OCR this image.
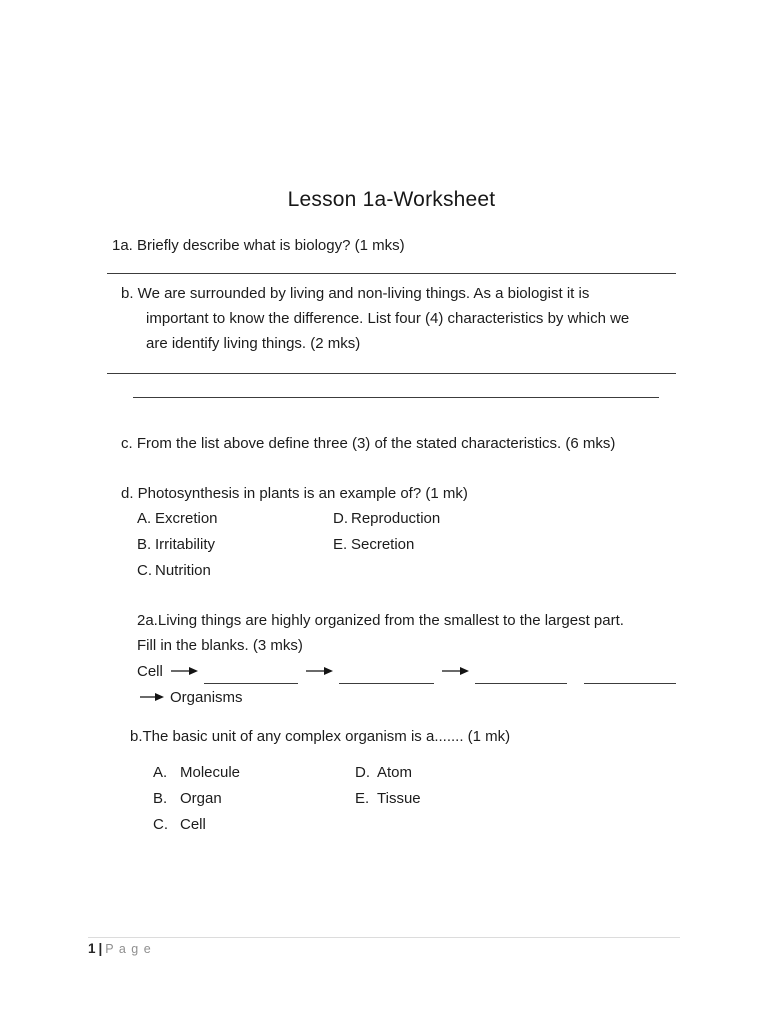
Lesson 1a-Worksheet
1a. Briefly describe what is biology? (1 mks)
b. We are surrounded by living and non-living things. As a biologist it is
important to know the difference. List four (4) characteristics by which we
are identify living things. (2 mks)
c. From the list above define three (3) of the stated characteristics. (6 mks)
d. Photosynthesis in plants is an example of? (1 mk)
A. Excretion	D. Reproduction
B. Irritability	E. Secretion
C. Nutrition
2a.Living things are highly organized from the smallest to the largest part.
Fill in the blanks. (3 mks)
Cell
Organisms
b.The basic unit of any complex organism is a....... (1 mk)
A. Molecule	D. Atom
B. Organ	E. Tissue
C. Cell
1 | P a g e
